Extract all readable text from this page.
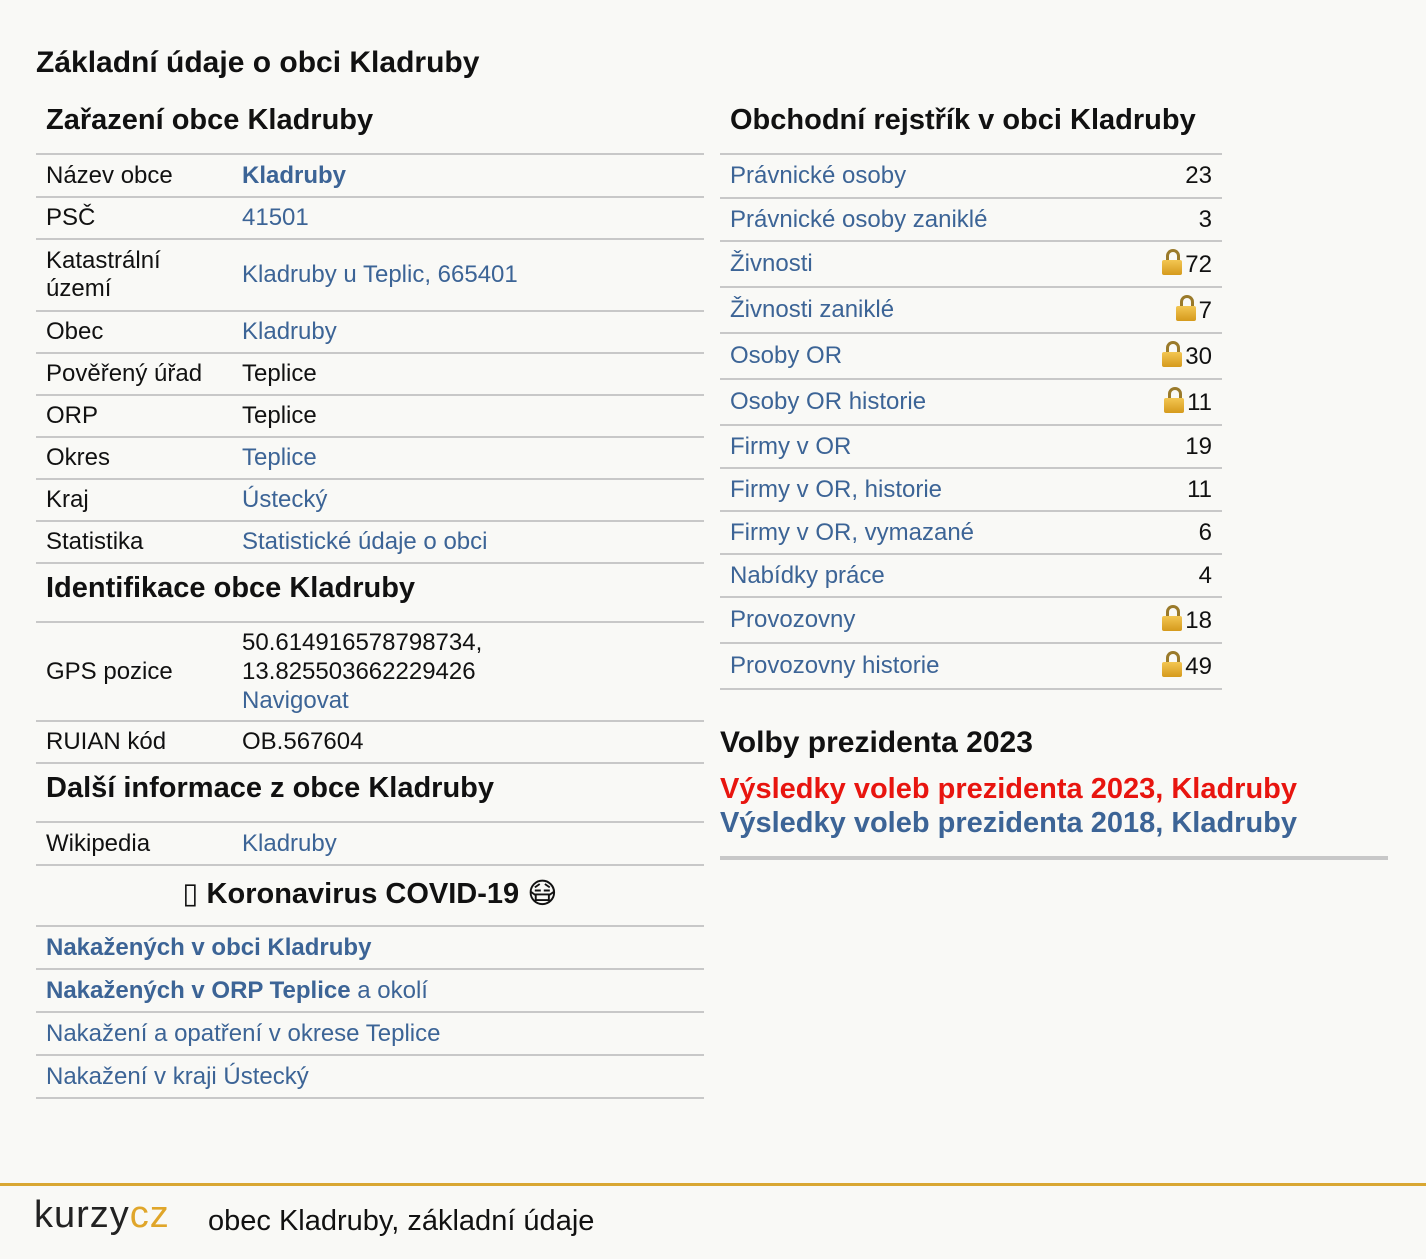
Základní údaje o obci Kladruby
Zařazení obce Kladruby
Název obce	Kladruby
PSČ	41501
Katastrální území	Kladruby u Teplic, 665401
Obec	Kladruby
Pověřený úřad	Teplice
ORP	Teplice
Okres	Teplice
Kraj	Ústecký
Statistika	Statistické údaje o obci
Identifikace obce Kladruby
GPS pozice	50.614916578798734,
13.825503662229426
Navigovat
RUIAN kód	OB.567604
Další informace z obce Kladruby
Wikipedia	Kladruby
▯ Koronavirus COVID-19 😷
Nakažených v obci Kladruby
Nakažených v ORP Teplice a okolí
Nakažení a opatření v okrese Teplice
Nakažení v kraji Ústecký
Obchodní rejstřík v obci Kladruby
Právnické osoby	23
Právnické osoby zaniklé	3
Živnosti	72
Živnosti zaniklé	7
Osoby OR	30
Osoby OR historie	11
Firmy v OR	19
Firmy v OR, historie	11
Firmy v OR, vymazané	6
Nabídky práce	4
Provozovny	18
Provozovny historie	49
Volby prezidenta 2023
Výsledky voleb prezidenta 2023, Kladruby
Výsledky voleb prezidenta 2018, Kladruby
kurzycz obec Kladruby, základní údaje
